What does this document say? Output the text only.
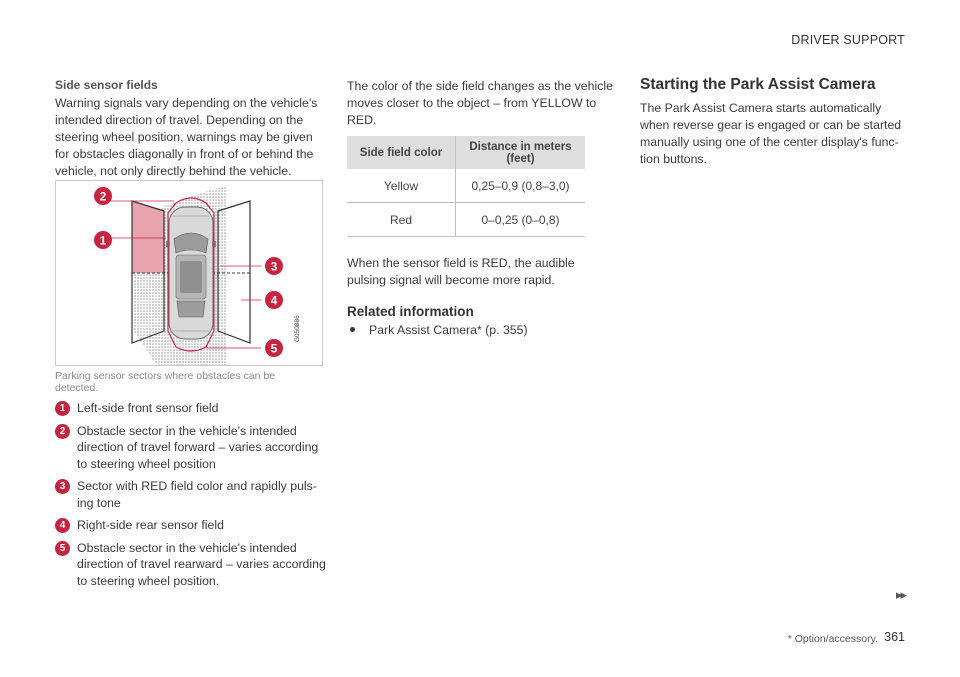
DRIVER SUPPORT
Side sensor fields

Warning signals vary depending on the vehicle's intended direction of travel. Depending on the steering wheel position, warnings may be given for obstacles diagonally in front of or behind the vehicle, not only directly behind the vehicle.

2
1
3
4
5
G050886
Parking sensor sectors where obstacles can be detected.
1 Left-side front sensor field
2 Obstacle sector in the vehicle's intended direction of travel forward – varies according to steering wheel position
3 Sector with RED field color and rapidly puls-ing tone
4 Right-side rear sensor field
5 Obstacle sector in the vehicle's intended direction of travel rearward – varies according to steering wheel position.

The color of the side field changes as the vehicle moves closer to the object – from YELLOW to RED.

Side field color	Distance in meters (feet)
Yellow	0,25–0,9 (0,8–3,0)
Red	0–0,25 (0–0,8)

When the sensor field is RED, the audible pulsing signal will become more rapid.

Related information
Park Assist Camera* (p. 355)
Starting the Park Assist Camera

The Park Assist Camera starts automatically when reverse gear is engaged or can be started manually using one of the center display's func-tion buttons.

▸▸
* Option/accessory. 361
